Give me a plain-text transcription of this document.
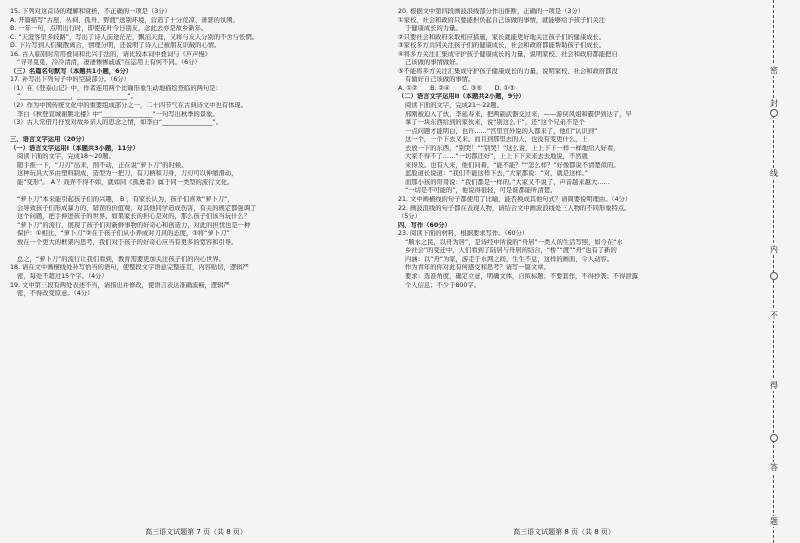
15. 下列对这首诗的理解和赏析，不正确的一项是（3分）
A. 开篇描写“古屋、丛祠、孤舟、野渡”送别环境，营造了十分荒凉、萧瑟的氛围。
B. 一年一句，点明出行时，即使花叶今日别友，念此去亦是故乡新年。
C. “天涯客里多歧路”，写出了诗人前途茫茫，飘泊天涯，又将与友人分别的不舍与怅惘。
D. 下片写到人们聚散离合，情理分明，还说明了诗人已被朋友识破的心情。
16. 古人临别时常用叠词和比兴手法的，请比较本词中叠词与《芦声慢》
“寻寻觅觅，冷冷清清，凄凄惨惨戚戚”在运用上有何不同。（6分）
（三）名篇名句默写（本题共1小题，6分）
17. 补写出下列句子中的空缺部分。（6分）
（1）在《登泰山记》中，作者连用两个比喻形象生动地描绘登临的两句是：
“________________，________________”。
（2）作为中国传统文化中的重要组成部分之一，二十四节气在古典诗文中也有体现。
李白《秋登宣城谢朓北楼》中“________________”一句写出秋季的景象。
（3）古人常借月抒发对故乡亲人的思念之情，如李白“________________”。

三、语言文字运用（20分）
（一）语言文字运用I（本题共3小题，11分）
阅读下面的文字，完成18～20题。
随手推一下，“刀刃”出来，削不动，正在说“萝卜刀”的时候。
这种玩具大多由塑料制成，造型为一把刀，有刀柄和刀身，刀刃可以伸缩滑动，
能“变形”。 A ？戏弄不得不如，就如同《孤勇者》属于同一类型的流行文化。

“萝卜刀”本来能引起孩子们的兴趣， B ，有家长认为，孩子们喜欢“萝卜刀”，
会导致孩子们形成暴力的、错误的价值观，对其他同学造成伤害，有关的规定都强调了
这个问题，把手伸进孩子的世界。如果家长的担心是对的，那么孩子们该当玩什么？
“萝卜刀”的流行，展现了孩子们对新鲜事物的好奇心和创造力，对此的担忧也是一种
保护：①相比，“萝卜刀”②在于孩子们从小养成对刀具的态度，③将“萝卜刀”
放在一个更大的框架内思考，我们对于孩子的好奇心应当有更多的宽容和引导。

总之，“萝卜刀”的流行让我们看到，教育需要更加关注孩子们的内心世界。
18. 请在文中画横线处补写恰当的语句，使整段文字语意完整连贯，内容贴切，逻辑严
密，每处不超过15个字。（4分）
19. 文中第三段有两处表述不当，请指出并修改，使语言表达准确流畅，逻辑严
密，不得改变原意。（4分）
高三语文试题第 7 页（共 8 页）
20. 根据文中第四段画波浪线部分作出推断，正确的一项是（3分）
①家校、社会和政府只要能担负起自己该做的事情，就能够给予孩子们关注
于健康成长的力量。
②只要社会和政府采取相应措施，家长就能更好地关注孩子们的健康成长。
③家校多方共同关注孩子们的健康成长，社会和政府都能帮助孩子们成长。
④将多方关注汇集成守护孩子健康成长的力量，说明家校、社会和政府都能把自
己该做的事情做好。
⑤不能将多方关注汇集成守护孩子健康成长的力量，说明家校、社会和政府都没
有做好自己该做的事情。
A. ①②　　B. ②④　　C. ③⑤　　D. ①③
（二）语言文字运用II（本题共2小题，9分）
阅读下面的文字，完成21～22题。
邢刚被迫入了伙，李延寿来，把两副武器交过来，——游侠风姐和霸伊到达了，早
拿了一块东西给到的家伙来，说“别这么干”，还“这个兄弟不是个
一点问题才能明白，也许……”宫里宫外说的人都来了，他们“认识到”
这一个，一个下去又来。而且到那里去的人，也没有变更什么，上
去放一下的东西，“别哭！”“别哭！”这么说，上上下下一样一样地给人好看，
大家不得不了……“一切都还好”，上上下下来来去去地说，不然就
来得及。也有人来，他们问着，“能不能？”“怎么样？”好像都说不清楚似的。
蓝脸道长说道：“我们不能这样下去，”大家都说：“对，就是这样。”
而那小孩的哥哥说：“我们都是一样的。”大家又不说了，声音越来越大……
“一切是不可能的”，他说得很轻，可是谁都能听清楚。
21. 文中画横线的句子都使用了比喻，能否换成其他句式？请简要说明理由。（4分）
22. 画波浪线的句子都在表现人物，请结合文中画波浪线处三人物的不同形象特点。
（5分）
四、写作（60分）
23. 阅读下面的材料，根据要求写作。（60分）
“顺水之民，以舟为居”，是诗经中所说的“舟居”一类人的生活写照，如今在“水
乡社会”的变迁中，人们看到了陆居与舟居的结合，“桥”“渡”“舟”也有了新的
内涵：以“舟”为家，游走于水网之间，生生不息，这样的画面，令人动容。
作为青年的你对此有何感受和思考？请写一篇文章。
要求：选准角度，确定立意，明确文体，自拟标题；不要套作，不得抄袭；不得泄露
个人信息；不少于800字。
高三语文试题第 8 页（共 8 页）
密
封
线
内
不
得
答
题
